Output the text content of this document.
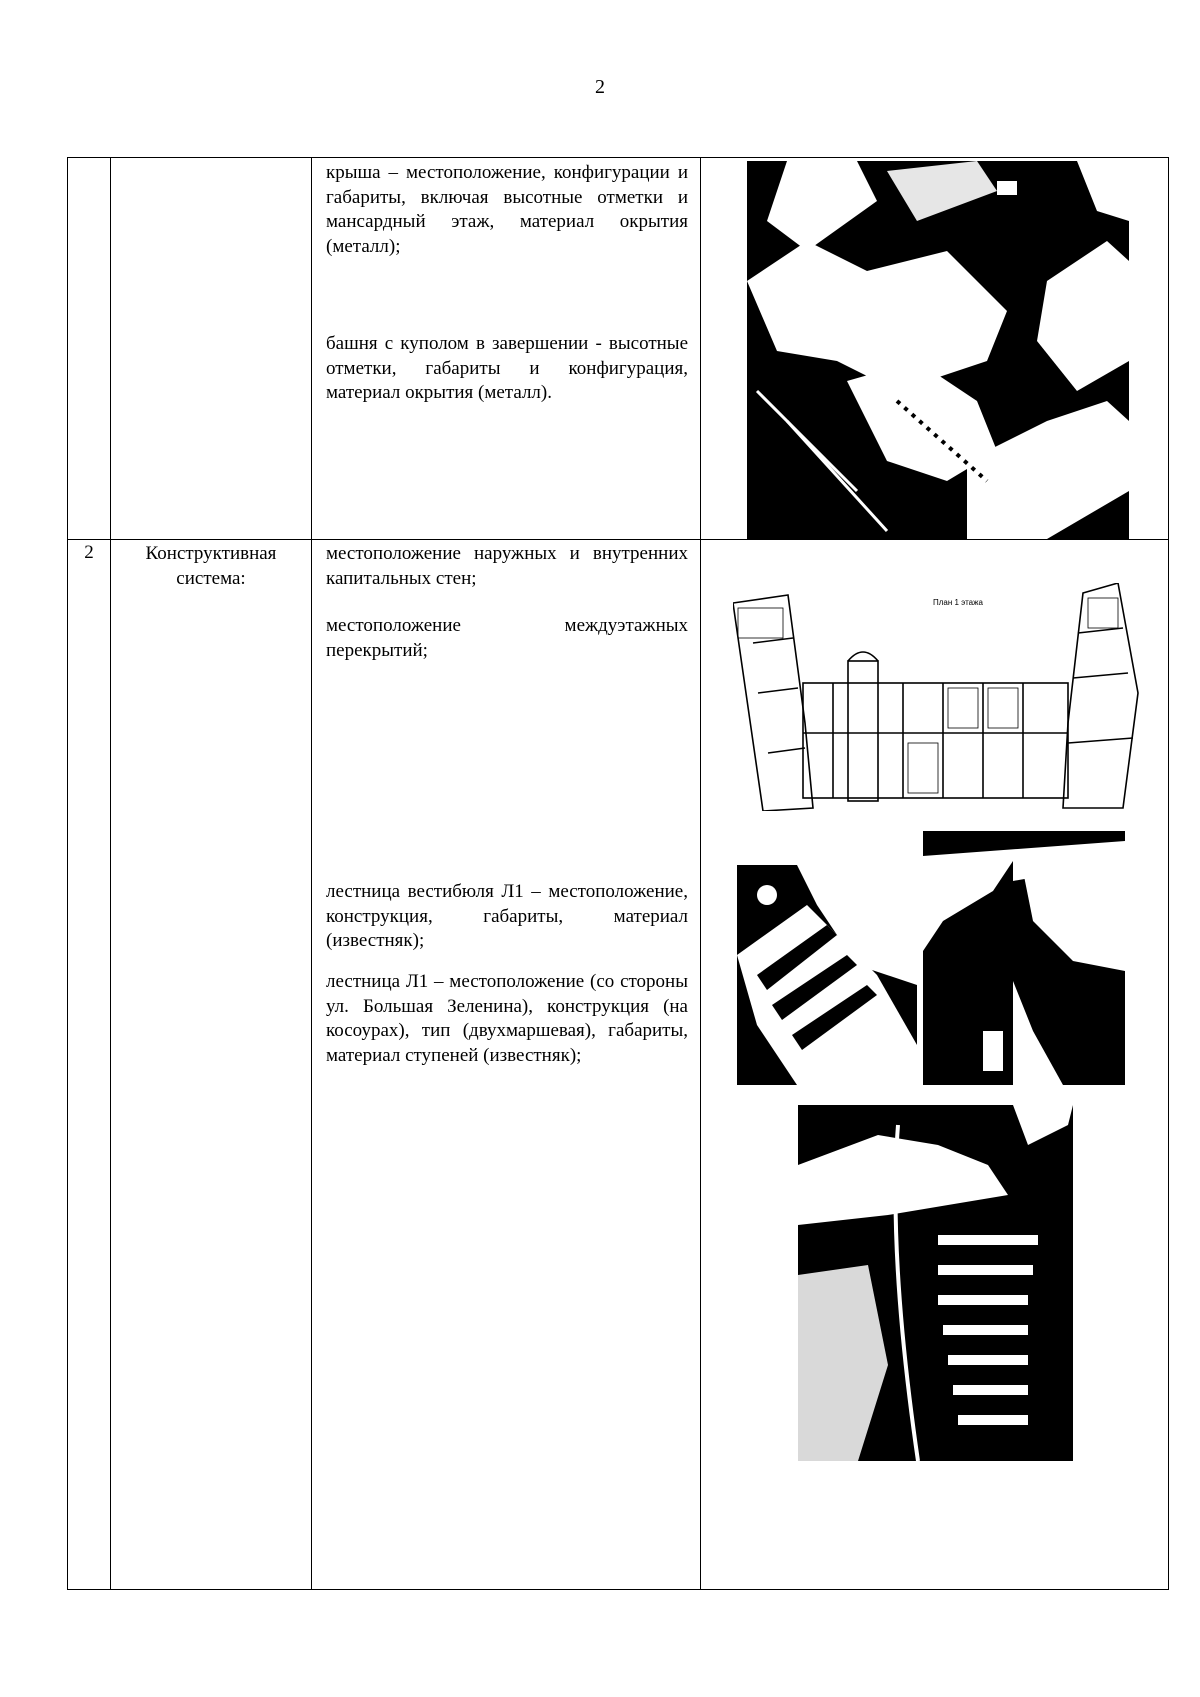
2

крыша – местоположение, конфигурации и габариты, включая высотные отметки и мансардный этаж, материал окрытия (металл);

башня с куполом в завершении - высотные отметки, габариты и конфигурация, материал окрытия (металл).

2	Конструктивная система:
местоположение наружных и внутренних капитальных стен;
местоположение междуэтажных перекрытий;
лестница вестибюля Л1 – местоположение, конструкция, габариты, материал (известняк);
лестница Л1 – местоположение (со стороны ул. Большая Зеленина), конструкция (на косоурах), тип (двухмаршевая), габариты, материал ступеней (известняк);
План 1 этажа
